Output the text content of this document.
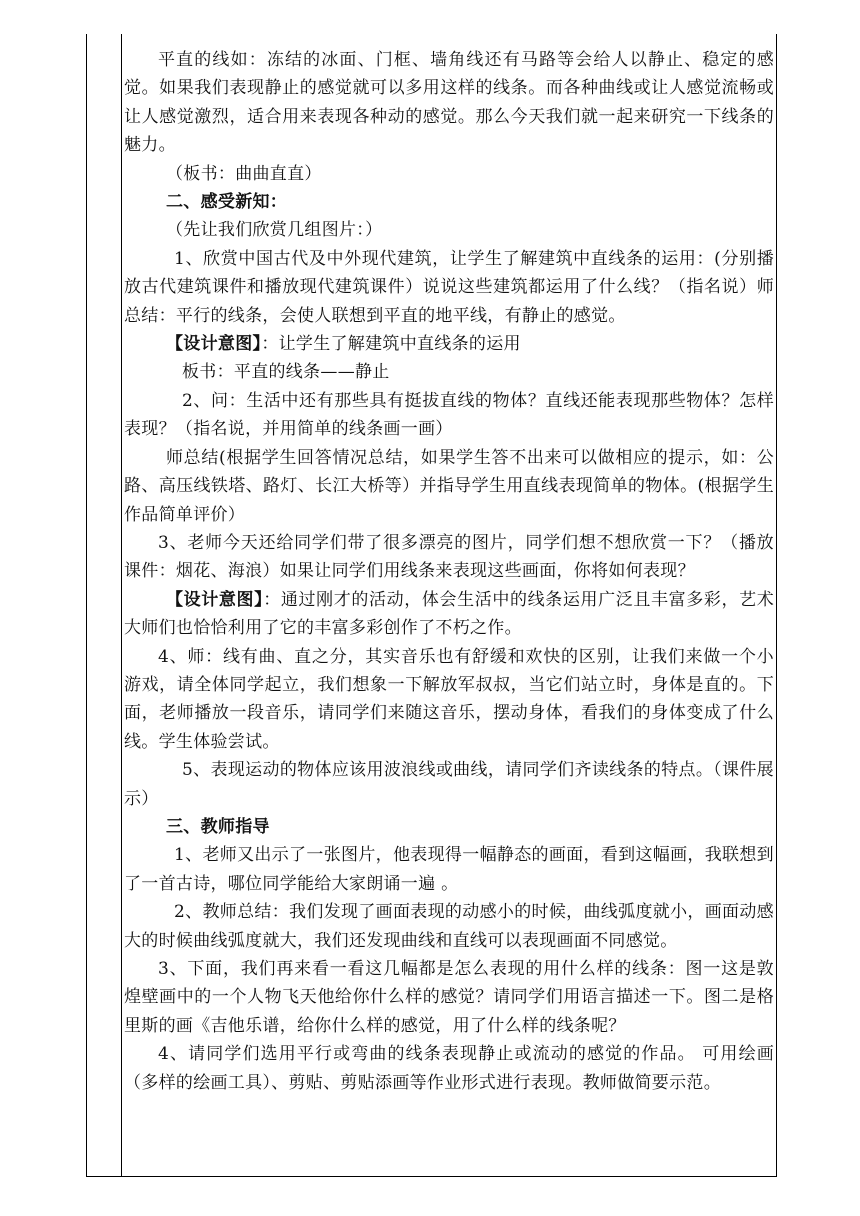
平直的线如：冻结的冰面、门框、墙角线还有马路等会给人以静止、稳定的感觉。如果我们表现静止的感觉就可以多用这样的线条。而各种曲线或让人感觉流畅或让人感觉激烈，适合用来表现各种动的感觉。那么今天我们就一起来研究一下线条的魅力。

（板书：曲曲直直）

二、感受新知：

（先让我们欣赏几组图片：）

1、欣赏中国古代及中外现代建筑，让学生了解建筑中直线条的运用：(分别播放古代建筑课件和播放现代建筑课件）说说这些建筑都运用了什么线？（指名说）师总结：平行的线条，会使人联想到平直的地平线，有静止的感觉。

【设计意图】：让学生了解建筑中直线条的运用

板书：平直的线条——静止

2、问：生活中还有那些具有挺拔直线的物体？直线还能表现那些物体？怎样表现？（指名说，并用简单的线条画一画）

师总结(根据学生回答情况总结，如果学生答不出来可以做相应的提示，如：公路、高压线铁塔、路灯、长江大桥等）并指导学生用直线表现简单的物体。(根据学生作品简单评价）

3、老师今天还给同学们带了很多漂亮的图片，同学们想不想欣赏一下？（播放课件：烟花、海浪）如果让同学们用线条来表现这些画面，你将如何表现？

【设计意图】：通过刚才的活动，体会生活中的线条运用广泛且丰富多彩，艺术大师们也恰恰利用了它的丰富多彩创作了不朽之作。

4、师：线有曲、直之分，其实音乐也有舒缓和欢快的区别，让我们来做一个小游戏，请全体同学起立，我们想象一下解放军叔叔，当它们站立时，身体是直的。下面，老师播放一段音乐，请同学们来随这音乐，摆动身体，看我们的身体变成了什么线。学生体验尝试。

5、表现运动的物体应该用波浪线或曲线，请同学们齐读线条的特点。（课件展示）

三、教师指导

1、老师又出示了一张图片，他表现得一幅静态的画面，看到这幅画，我联想到了一首古诗，哪位同学能给大家朗诵一遍 。

2、教师总结：我们发现了画面表现的动感小的时候，曲线弧度就小，画面动感大的时候曲线弧度就大，我们还发现曲线和直线可以表现画面不同感觉。

3、下面，我们再来看一看这几幅都是怎么表现的用什么样的线条：图一这是敦煌壁画中的一个人物飞天他给你什么样的感觉？请同学们用语言描述一下。图二是格里斯的画《吉他乐谱，给你什么样的感觉，用了什么样的线条呢？

4、请同学们选用平行或弯曲的线条表现静止或流动的感觉的作品。 可用绘画（多样的绘画工具）、剪贴、剪贴添画等作业形式进行表现。教师做简要示范。
